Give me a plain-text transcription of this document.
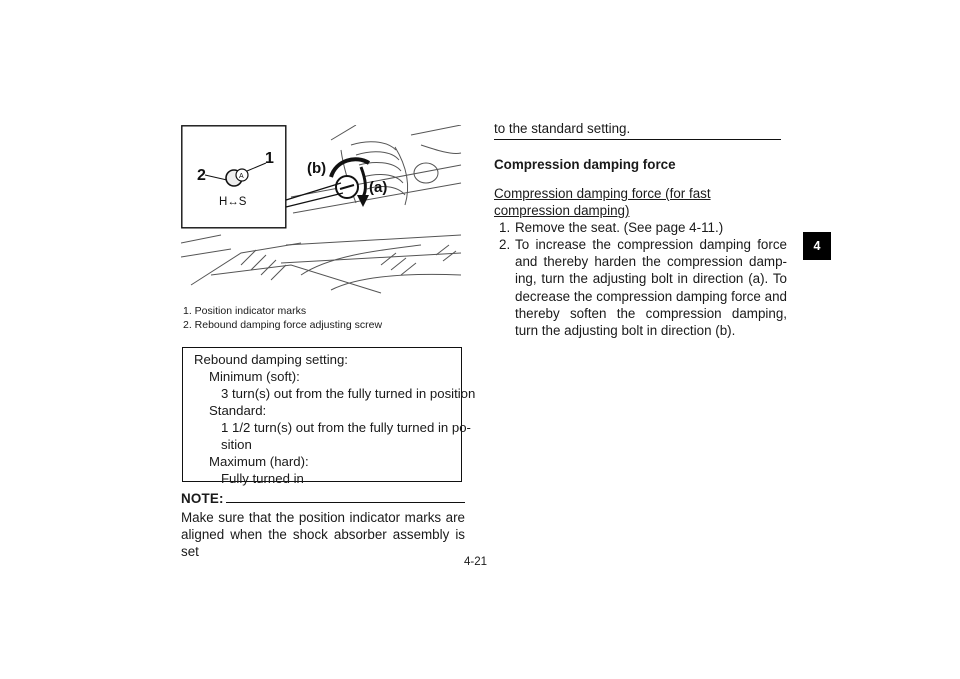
A
H↔S
1
2	(b)
(a)
1. Position indicator marks
2. Rebound damping force adjusting screw
Rebound damping setting:
Minimum (soft):
3 turn(s) out from the fully turned in position
Standard:
1 1/2 turn(s) out from the fully turned in po-
sition
Maximum (hard):
Fully turned in
NOTE:
Make sure that the position indicator marks are aligned when the shock absorber assembly is set
4-21
to the standard setting.
Compression damping force
Compression damping force (for fast compression damping)
1. Remove the seat. (See page 4-11.)
2. To increase the compression damping force and thereby harden the compression damp-ing, turn the adjusting bolt in direction (a). To decrease the compression damping force and thereby soften the compression damping, turn the adjusting bolt in direction (b).
4
